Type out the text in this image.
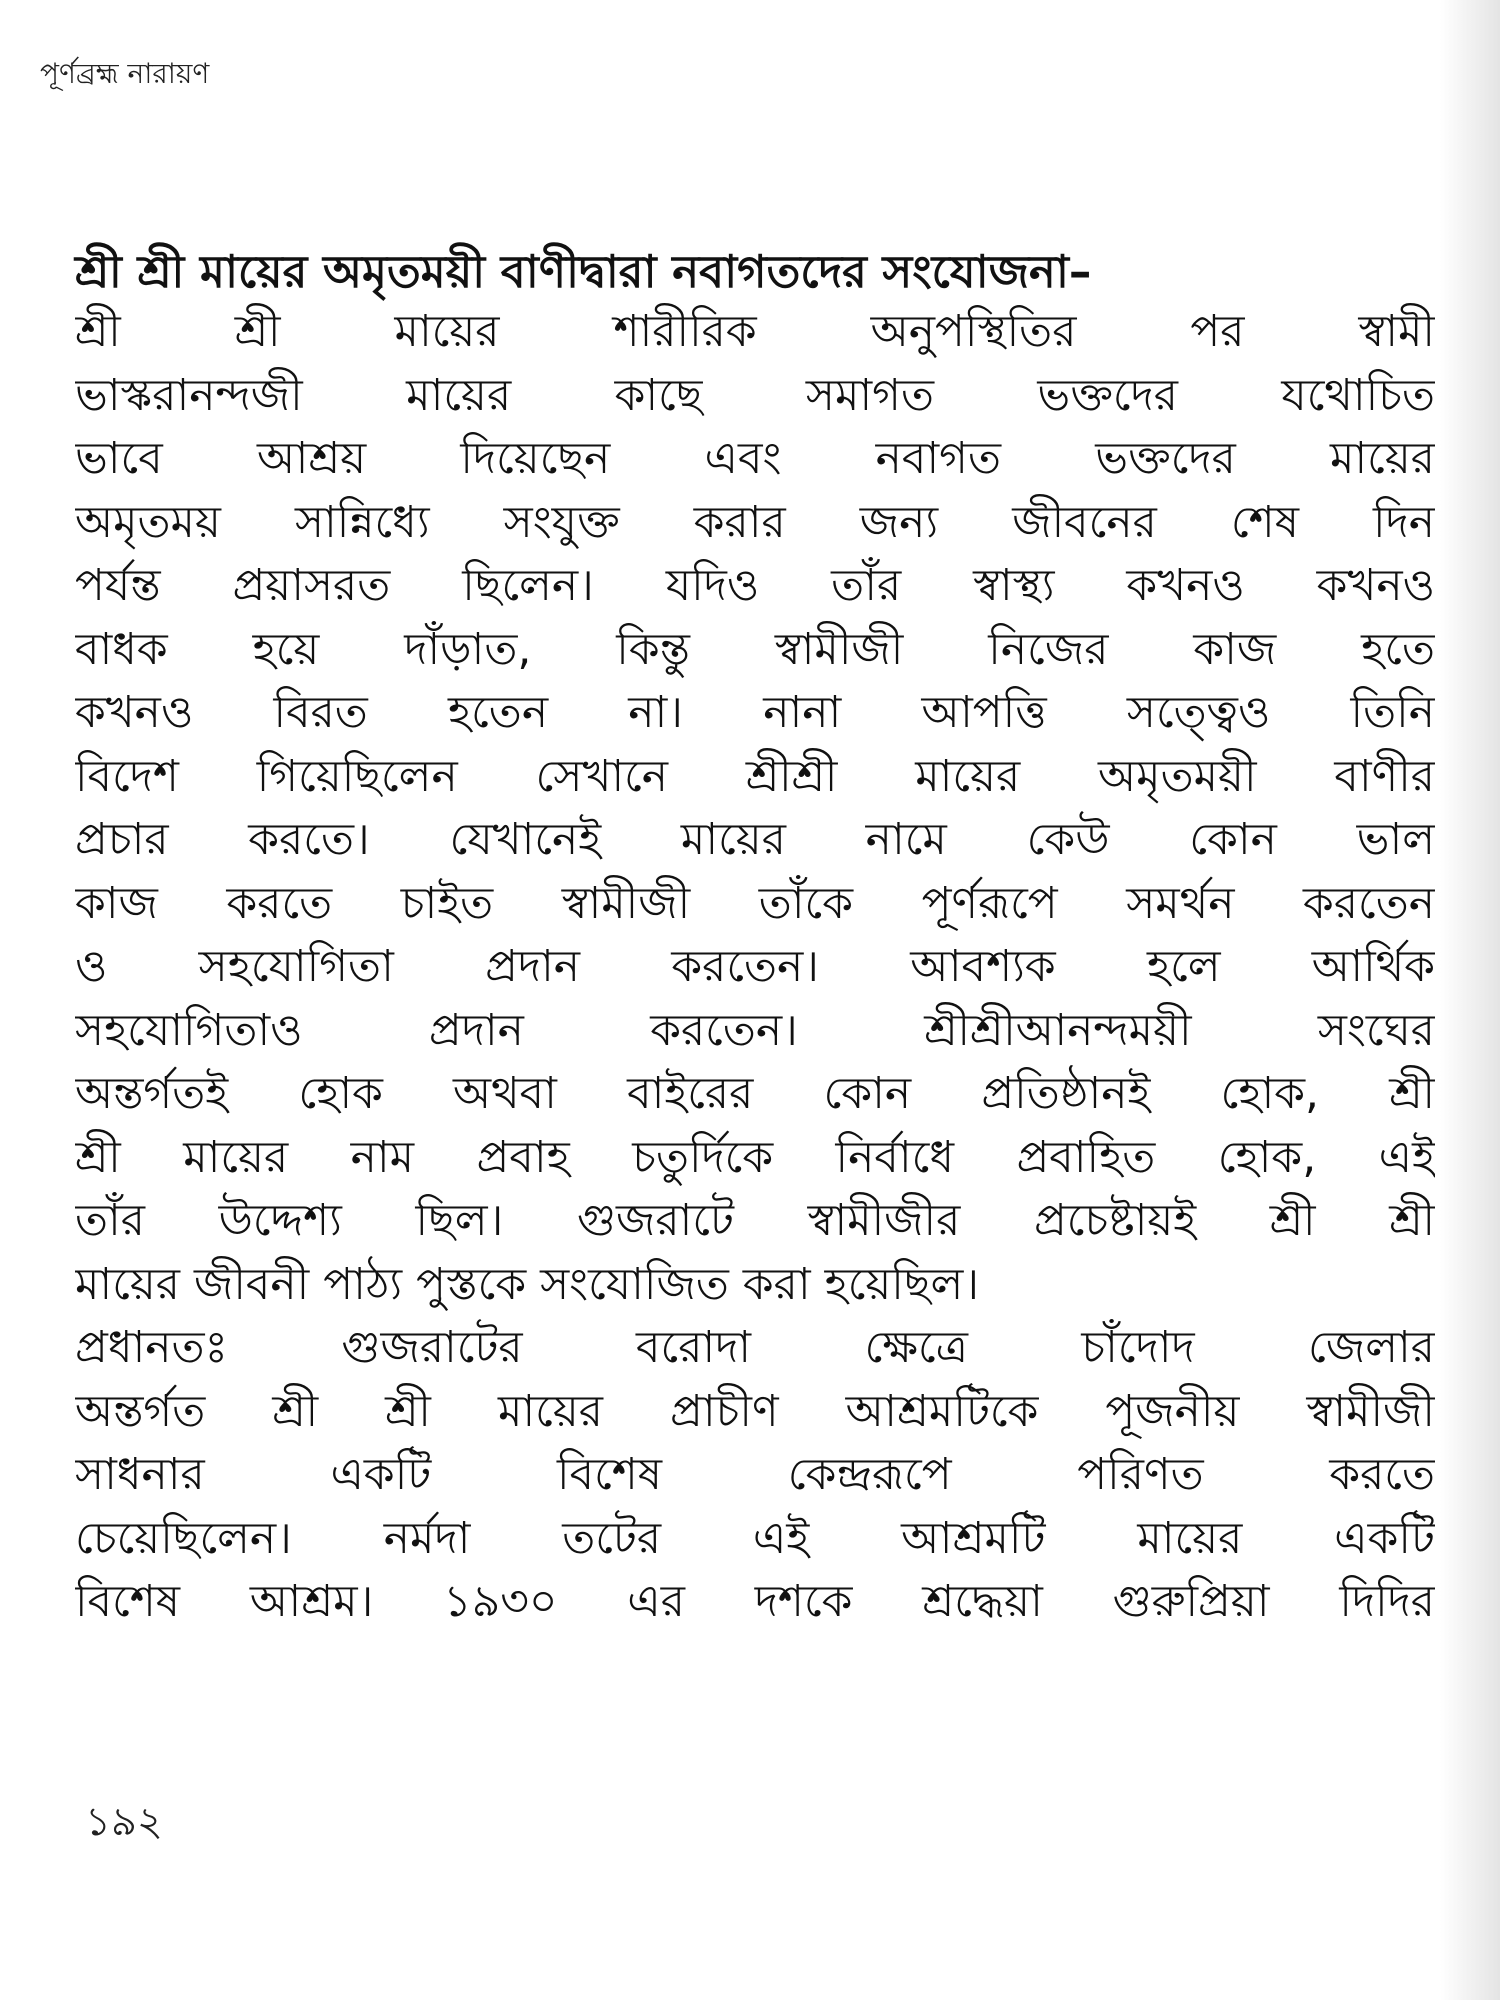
পূর্ণব্রহ্ম নারায়ণ
শ্রী শ্রী মায়ের অমৃতময়ী বাণীদ্বারা নবাগতদের সংযোজনা–
শ্রী শ্রী মায়ের শারীরিক অনুপস্থিতির পর স্বামী
ভাস্করানন্দজী মায়ের কাছে সমাগত ভক্তদের যথোচিত
ভাবে আশ্রয় দিয়েছেন এবং নবাগত ভক্তদের মায়ের
অমৃতময় সান্নিধ্যে সংযুক্ত করার জন্য জীবনের শেষ দিন
পর্যন্ত প্রয়াসরত ছিলেন। যদিও তাঁর স্বাস্থ্য কখনও কখনও
বাধক হয়ে দাঁড়াত, কিন্তু স্বামীজী নিজের কাজ হতে
কখনও বিরত হতেন না। নানা আপত্তি সত্ত্বেও তিনি
বিদেশ গিয়েছিলেন সেখানে শ্রীশ্রী মায়ের অমৃতময়ী বাণীর
প্রচার করতে। যেখানেই মায়ের নামে কেউ কোন ভাল
কাজ করতে চাইত স্বামীজী তাঁকে পূর্ণরূপে সমর্থন করতেন
ও সহযোগিতা প্রদান করতেন। আবশ্যক হলে আর্থিক
সহযোগিতাও প্রদান করতেন। শ্রীশ্রীআনন্দময়ী সংঘের
অন্তর্গতই হোক অথবা বাইরের কোন প্রতিষ্ঠানই হোক, শ্রী
শ্রী মায়ের নাম প্রবাহ চতুর্দিকে নির্বাধে প্রবাহিত হোক, এই
তাঁর উদ্দেশ্য ছিল। গুজরাটে স্বামীজীর প্রচেষ্টায়ই শ্রী শ্রী
মায়ের জীবনী পাঠ্য পুস্তকে সংযোজিত করা হয়েছিল।
প্রধানতঃ গুজরাটের বরোদা ক্ষেত্রে চাঁদোদ জেলার
অন্তর্গত শ্রী শ্রী মায়ের প্রাচীণ আশ্রমটিকে পূজনীয় স্বামীজী
সাধনার একটি বিশেষ কেন্দ্ররূপে পরিণত করতে
চেয়েছিলেন। নর্মদা তটের এই আশ্রমটি মায়ের একটি
বিশেষ আশ্রম। ১৯৩০ এর দশকে শ্রদ্ধেয়া গুরুপ্রিয়া দিদির
১৯২
